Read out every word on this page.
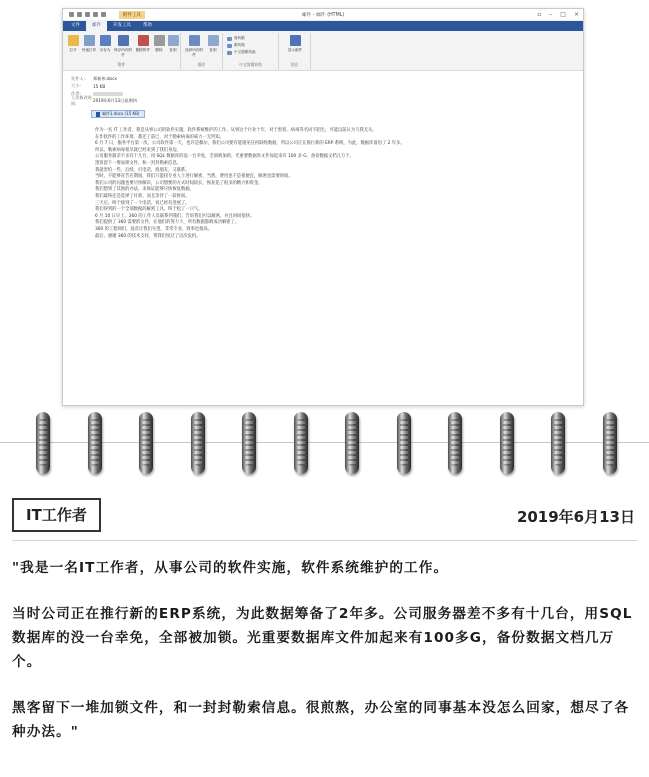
附件工具	邮件 - 邮件 (HTML)	▫ – □ ×
文件	邮件	开发工具	帮助
打开	快速打印 另存为	保存所有附件
删除附件	删除	复制
附件
选择所有附件
复制
操作
简转繁
繁转简
中文简繁转换
中文简繁转换
显示邮件
消息
发件人:	郑新伟.docx
大小:	15 KB
作者:
上次修改时间:
2019年6月13日星期四
邮件1.docx (15 KB)

作为一名 IT 工作者，我是从事公司的软件实施，软件系统维护的工作。从事这个行业十年，对于黑客、病毒等名词不陌生，可能以前认为与我无关。

在作软件的工作环境，都还了前已，对于勒索病毒的威力一无所知。

6 月 7 日，服务平台第一次，公司软件第一天，也许是偶尔，我们公司要有能遇见任何联络数据，所以公司正在推行新的 ERP 系统，为此，数据库备份了 2 年多。

所以，勒索病毒很早就已经来到了我们身边。

公司服务器差不多有十几台，用 SQL 数据库的没一台幸免，全部被加锁。光重要数据库文件加起来有 100 多 G，备份数据文档几万个。

黑客留下一堆加锁文件，和一封封勒索信息。

我就害怕一些，后续，打电话，找朋友，又联系。

当时，不能够宣告在期间，我们只能找专业人士进行解密，当然，费用也不是很便宜，解密也需要时间。

我们公司的问题也要尽快解决，公司想要的方式时间较长，恢复花了很多的精力和资金。

我们想到了其他的办法，来保证能够尽快恢复数据。

我们最终还是选择了付款，而且等待了一段时间。

三天后，终于接到了一个电话，说已经有进展了。

我们得到的一个全部数据的解密工具，终于松了一口气。

6 月 10 日早上，360 的工作人员联系到我们，告诉我们可以解密，并且时间很快。

我们提供了 360 需要的文件，在他们的努力下，所有数据都被成功解密了。

360 的工程师们，没有让我们失望，非常专业，效率也很高。

最后，感谢 360 的技术支持，帮我们度过了这次危机。

IT工作者	2019年6月13日

"我是一名IT工作者，从事公司的软件实施，软件系统维护的工作。

当时公司正在推行新的ERP系统，为此数据筹备了2年多。公司服务器差不多有十几台，用SQL数据库的没一台幸免，全部被加锁。光重要数据库文件加起来有100多G，备份数据文档几万个。

黑客留下一堆加锁文件，和一封封勒索信息。很煎熬，办公室的同事基本没怎么回家，想尽了各种办法。"
